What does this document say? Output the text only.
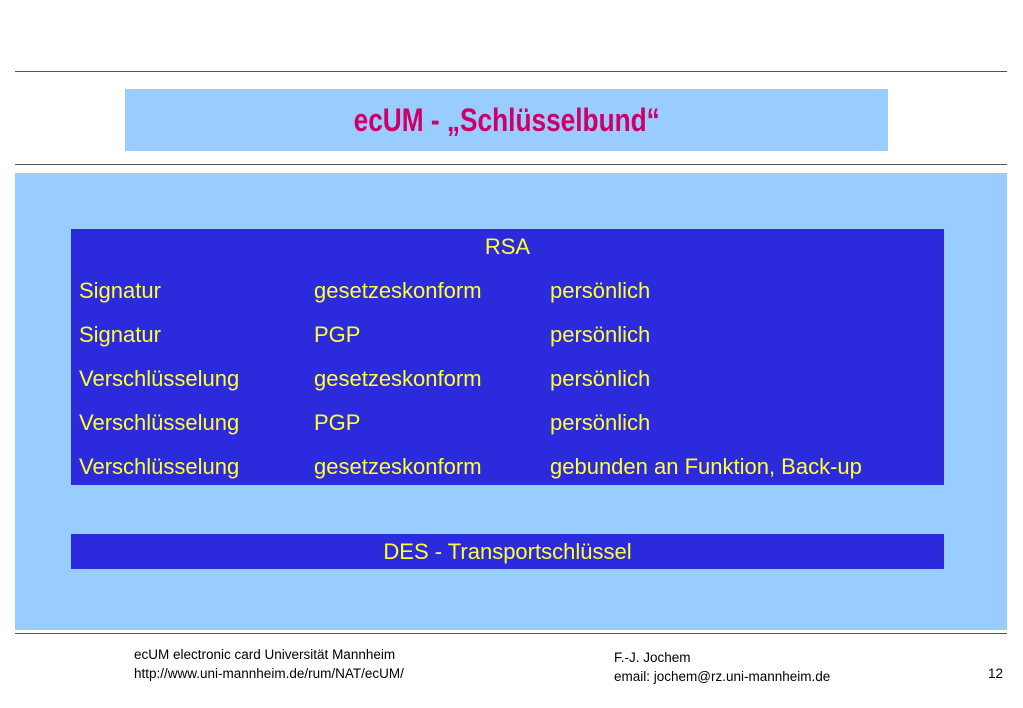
ecUM - „Schlüsselbund“
RSA
Signatur	gesetzeskonform	persönlich
Signatur	PGP	persönlich
Verschlüsselung	gesetzeskonform	persönlich
Verschlüsselung	PGP	persönlich
Verschlüsselung	gesetzeskonform	gebunden an Funktion, Back-up
DES - Transportschlüssel
ecUM electronic card Universität Mannheim
http://www.uni-mannheim.de/rum/NAT/ecUM/
F.-J. Jochem
email: jochem@rz.uni-mannheim.de	12
